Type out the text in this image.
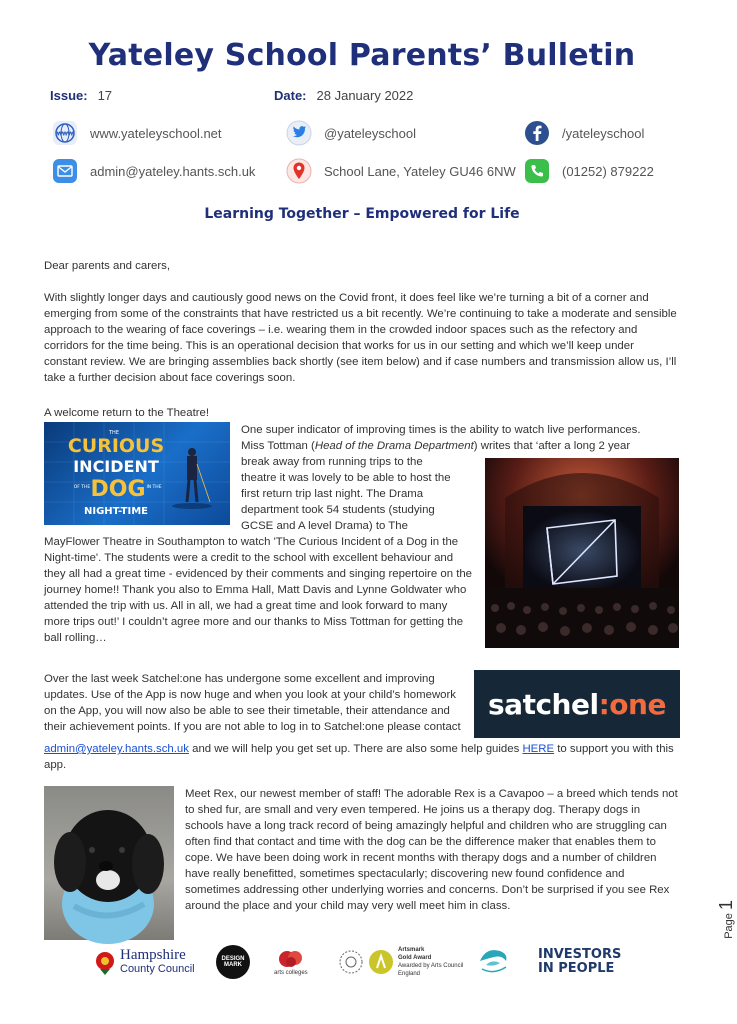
Yateley School Parents’ Bulletin
Issue: 17	Date: 28 January 2022
www www.yateleyschool.net	@yateleyschool	/yateleyschool
admin@yateley.hants.sch.uk	School Lane, Yateley GU46 6NW	(01252) 879222
Learning Together – Empowered for Life
Dear parents and carers,
With slightly longer days and cautiously good news on the Covid front, it does feel like we’re turning a bit of a corner and emerging from some of the constraints that have restricted us a bit recently. We’re continuing to take a moderate and sensible approach to the wearing of face coverings – i.e. wearing them in the crowded indoor spaces such as the refectory and corridors for the time being. This is an operational decision that works for us in our setting and which we’ll keep under constant review. We are bringing assemblies back shortly (see item below) and if case numbers and transmission allow us, I’ll take a further decision about face coverings soon.
A welcome return to the Theatre!
THE
CURIOUS
INCIDENT
OF THE DOG IN THE
NIGHT-TIME
One super indicator of improving times is the ability to watch live performances.
Miss Tottman (Head of the Drama Department) writes that ‘after a long 2 year
break away from running trips to the
theatre it was lovely to be able to host the
first return trip last night. The Drama
department took 54 students (studying
GCSE and A level Drama) to The
MayFlower Theatre in Southampton to watch 'The Curious Incident of a Dog in the Night-time'. The students were a credit to the school with excellent behaviour and they all had a great time - evidenced by their comments and singing repertoire on the journey home!! Thank you also to Emma Hall, Matt Davis and Lynne Goldwater who attended the trip with us. All in all, we had a great time and look forward to many more trips out!’ I couldn’t agree more and our thanks to Miss Tottman for getting the ball rolling…
Over the last week Satchel:one has undergone some excellent and improving updates. Use of the App is now huge and when you look at your child’s homework on the App, you will now also be able to see their timetable, their attendance and their achievement points. If you are not able to log in to Satchel:one please contact
satchel:one
admin@yateley.hants.sch.uk and we will help you get set up. There are also some help guides HERE to support you with this app.
Meet Rex, our newest member of staff! The adorable Rex is a Cavapoo – a breed which tends not to shed fur, are small and very even tempered. He joins us a therapy dog. Therapy dogs in schools have a long track record of being amazingly helpful and children who are struggling can often find that contact and time with the dog can be the difference maker that enables them to cope. We have been doing work in recent months with therapy dogs and a number of children have really benefitted, sometimes spectacularly; discovering new found confidence and sometimes addressing other underlying worries and concerns. Don’t be surprised if you see Rex around the place and your child may very well meet him in class.
Hampshire
County Council
DESIGN MARK
arts colleges
Artsmark
Gold Award
Awarded by Arts Council England
INVESTORS
IN PEOPLE
Page 1
